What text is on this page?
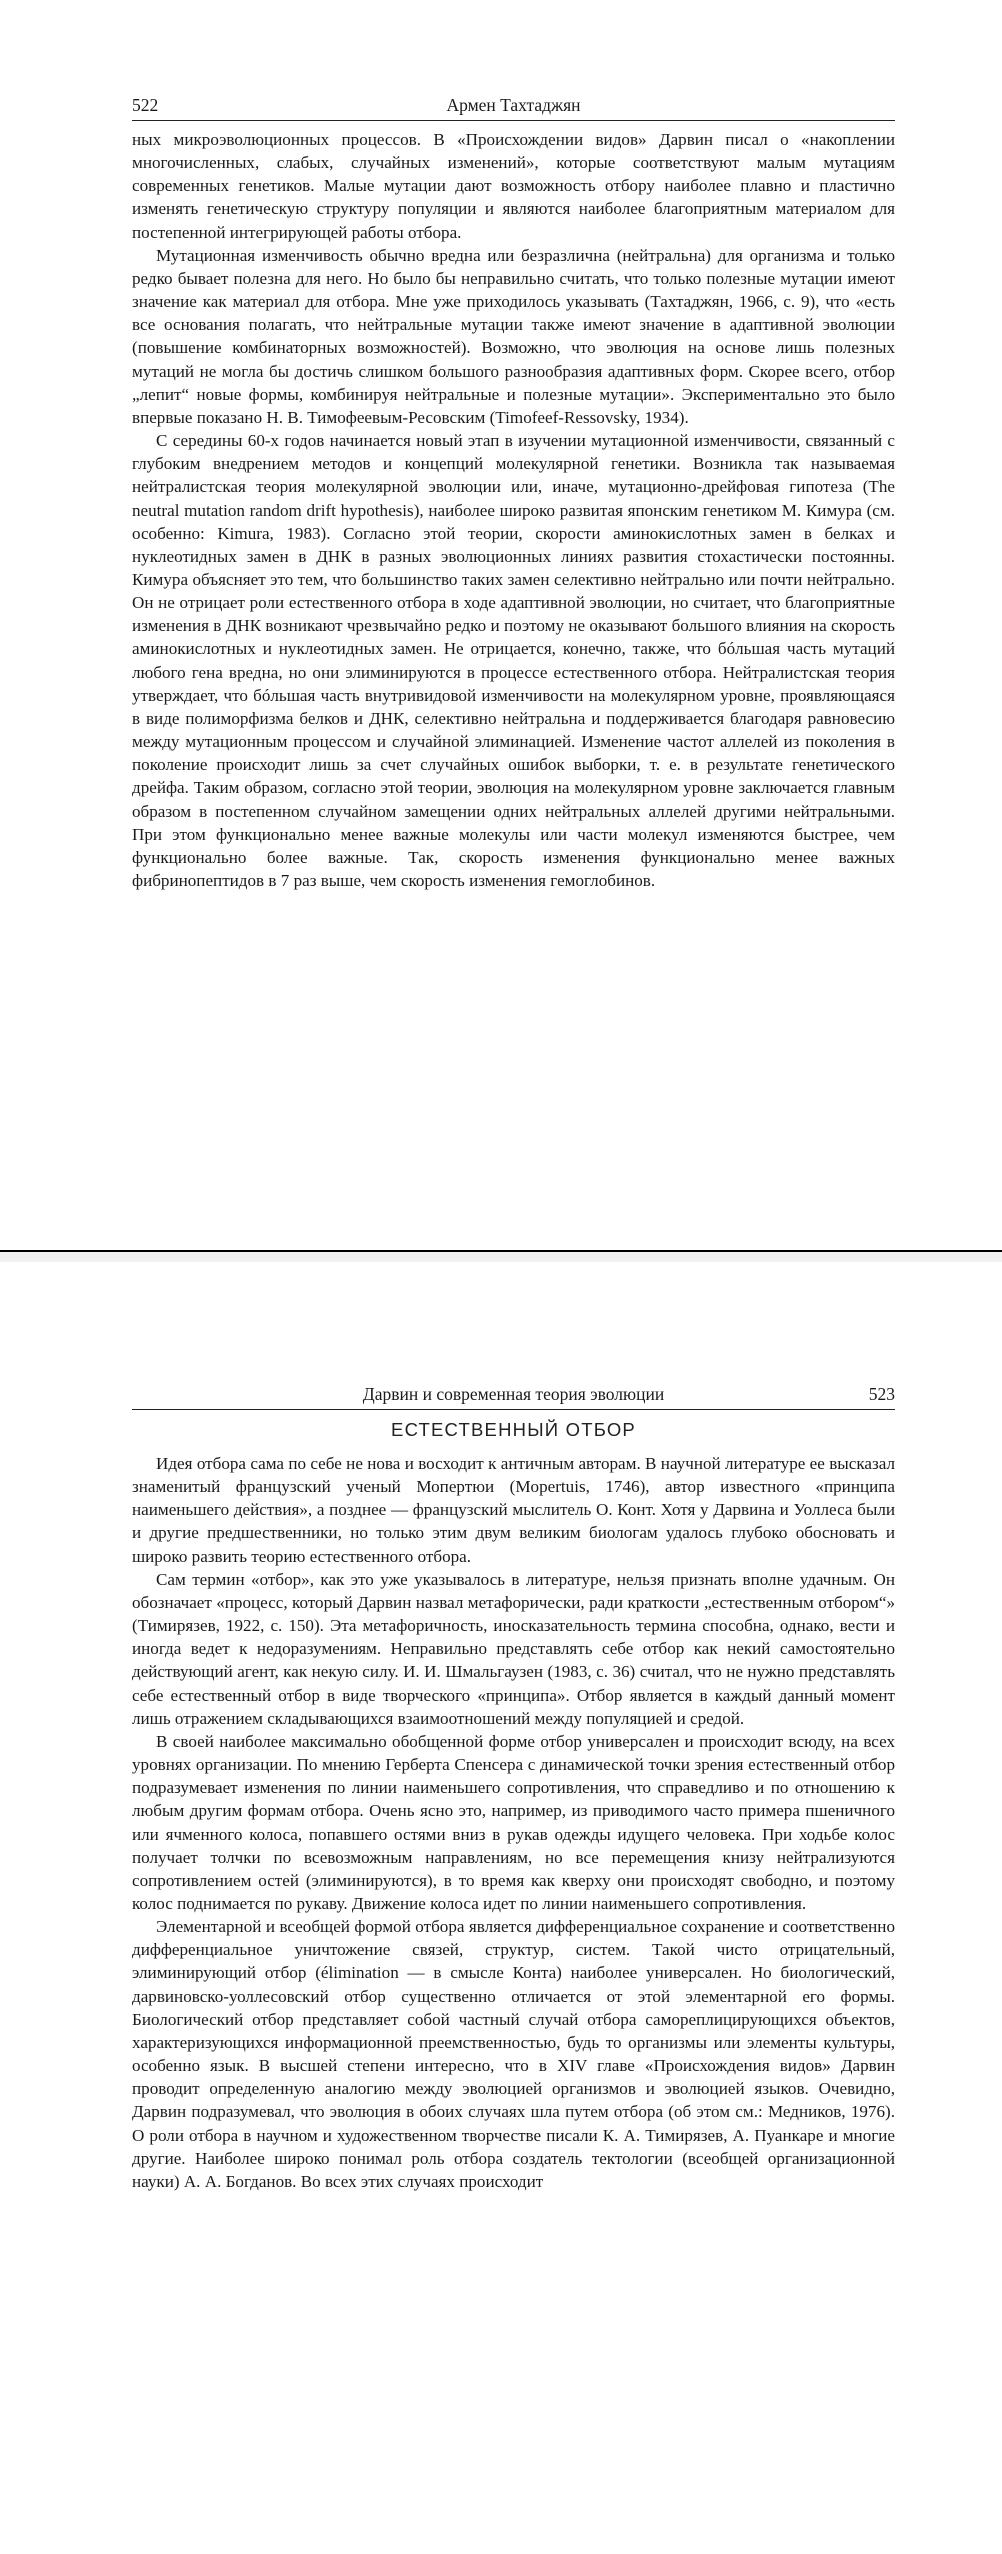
522	Армен Тахтаджян

ных микроэволюционных процессов. В «Происхождении видов» Дарвин писал о «накоплении многочисленных, слабых, случайных изменений», которые соответствуют малым мутациям современных генетиков. Малые мутации дают возможность отбору наиболее плавно и пластично изменять генетическую структуру популяции и являются наиболее благоприятным материалом для постепенной интегрирующей работы отбора.

Мутационная изменчивость обычно вредна или безразлична (нейтральна) для организма и только редко бывает полезна для него. Но было бы неправильно считать, что только полезные мутации имеют значение как материал для отбора. Мне уже приходилось указывать (Тахтаджян, 1966, с. 9), что «есть все основания полагать, что нейтральные мутации также имеют значение в адаптивной эволюции (повышение комбинаторных возможностей). Возможно, что эволюция на основе лишь полезных мутаций не могла бы достичь слишком большого разнообразия адаптивных форм. Скорее всего, отбор „лепит“ новые формы, комбинируя нейтральные и полезные мутации». Экспериментально это было впервые показано Н. В. Тимофеевым-Ресовским (Timofeef-Ressovsky, 1934).

С середины 60-х годов начинается новый этап в изучении мутационной изменчивости, связанный с глубоким внедрением методов и концепций молекулярной генетики. Возникла так называемая нейтралистская теория молекулярной эволюции или, иначе, мутационно-дрейфовая гипотеза (The neutral mutation random drift hypothesis), наиболее широко развитая японским генетиком М. Кимура (см. особенно: Kimura, 1983). Согласно этой теории, скорости аминокислотных замен в белках и нуклеотидных замен в ДНК в разных эволюционных линиях развития стохастически постоянны. Кимура объясняет это тем, что большинство таких замен селективно нейтрально или почти нейтрально. Он не отрицает роли естественного отбора в ходе адаптивной эволюции, но считает, что благоприятные изменения в ДНК возникают чрезвычайно редко и поэтому не оказывают большого влияния на скорость аминокислотных и нуклеотидных замен. Не отрицается, конечно, также, что бóльшая часть мутаций любого гена вредна, но они элиминируются в процессе естественного отбора. Нейтралистская теория утверждает, что бóльшая часть внутривидовой изменчивости на молекулярном уровне, проявляющаяся в виде полиморфизма белков и ДНК, селективно нейтральна и поддерживается благодаря равновесию между мутационным процессом и случайной элиминацией. Изменение частот аллелей из поколения в поколение происходит лишь за счет случайных ошибок выборки, т. е. в результате генетического дрейфа. Таким образом, согласно этой теории, эволюция на молекулярном уровне заключается главным образом в постепенном случайном замещении одних нейтральных аллелей другими нейтральными. При этом функционально менее важные молекулы или части молекул изменяются быстрее, чем функционально более важные. Так, скорость изменения функционально менее важных фибринопептидов в 7 раз выше, чем скорость изменения гемоглобинов.

Дарвин и современная теория эволюции	523
ЕСТЕСТВЕННЫЙ ОТБОР

Идея отбора сама по себе не нова и восходит к античным авторам. В научной литературе ее высказал знаменитый французский ученый Мопертюи (Mopertuis, 1746), автор известного «принципа наименьшего действия», а позднее — французский мыслитель О. Конт. Хотя у Дарвина и Уоллеса были и другие предшественники, но только этим двум великим биологам удалось глубоко обосновать и широко развить теорию естественного отбора.

Сам термин «отбор», как это уже указывалось в литературе, нельзя признать вполне удачным. Он обозначает «процесс, который Дарвин назвал метафорически, ради краткости „естественным отбором“» (Тимирязев, 1922, с. 150). Эта метафоричность, иносказательность термина способна, однако, вести и иногда ведет к недоразумениям. Неправильно представлять себе отбор как некий самостоятельно действующий агент, как некую силу. И. И. Шмальгаузен (1983, с. 36) считал, что не нужно представлять себе естественный отбор в виде творческого «принципа». Отбор является в каждый данный момент лишь отражением складывающихся взаимоотношений между популяцией и средой.

В своей наиболее максимально обобщенной форме отбор универсален и происходит всюду, на всех уровнях организации. По мнению Герберта Спенсера с динамической точки зрения естественный отбор подразумевает изменения по линии наименьшего сопротивления, что справедливо и по отношению к любым другим формам отбора. Очень ясно это, например, из приводимого часто примера пшеничного или ячменного колоса, попавшего остями вниз в рукав одежды идущего человека. При ходьбе колос получает толчки по всевозможным направлениям, но все перемещения книзу нейтрализуются сопротивлением остей (элиминируются), в то время как кверху они происходят свободно, и поэтому колос поднимается по рукаву. Движение колоса идет по линии наименьшего сопротивления.

Элементарной и всеобщей формой отбора является дифференциальное сохранение и соответственно дифференциальное уничтожение связей, структур, систем. Такой чисто отрицательный, элиминирующий отбор (élimination — в смысле Конта) наиболее универсален. Но биологический, дарвиновско-уоллесовский отбор существенно отличается от этой элементарной его формы. Биологический отбор представляет собой частный случай отбора самореплицирующихся объектов, характеризующихся информационной преемственностью, будь то организмы или элементы культуры, особенно язык. В высшей степени интересно, что в XIV главе «Происхождения видов» Дарвин проводит определенную аналогию между эволюцией организмов и эволюцией языков. Очевидно, Дарвин подразумевал, что эволюция в обоих случаях шла путем отбора (об этом см.: Медников, 1976). О роли отбора в научном и художественном творчестве писали К. А. Тимирязев, А. Пуанкаре и многие другие. Наиболее широко понимал роль отбора создатель тектологии (всеобщей организационной науки) А. А. Богданов. Во всех этих случаях происходит
